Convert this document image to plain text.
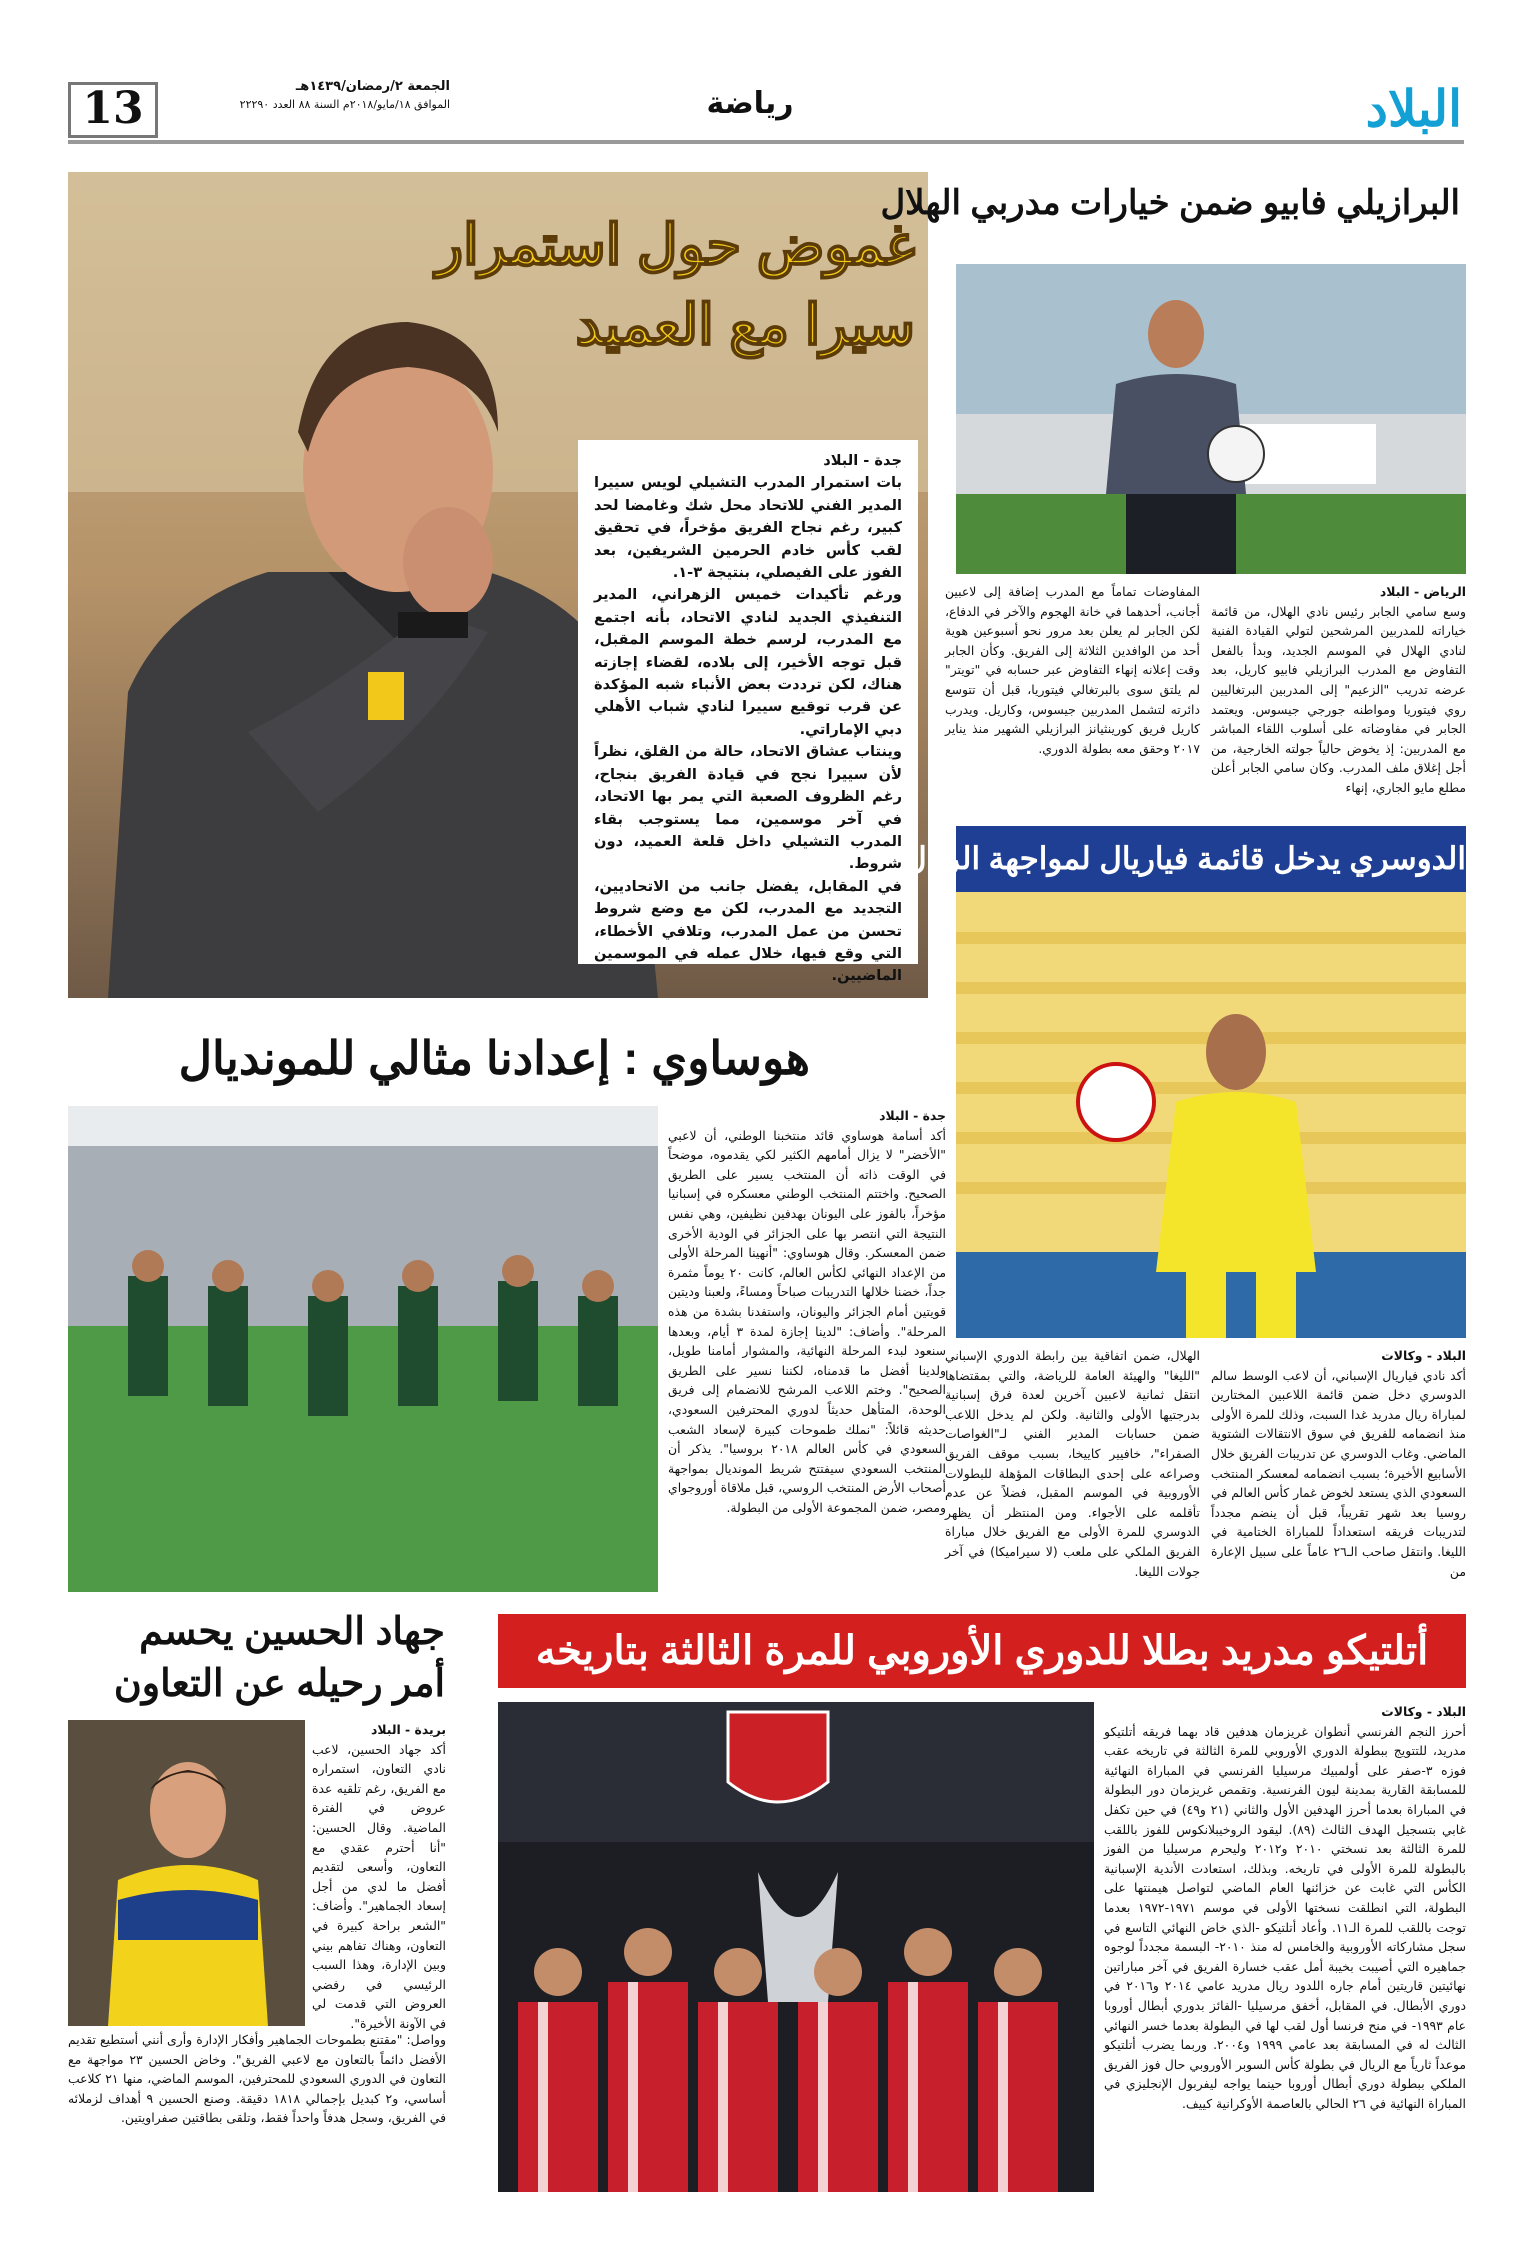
البلاد
رياضة
الجمعة ٢/رمضان/١٤٣٩هـ
الموافق ١٨/مايو/٢٠١٨م السنة ٨٨ العدد ٢٢٢٩٠
13
غموض حول استمرار
سيرا مع العميد
جدة - البلاد

بات استمرار المدرب التشيلي لويس سييرا المدير الفني للاتحاد محل شك وغامضا لحد كبير، رغم نجاح الفريق مؤخراً، في تحقيق لقب كأس خادم الحرمين الشريفين، بعد الفوز على الفيصلي، بنتيجة ٣-١.

ورغم تأكيدات خميس الزهراني، المدير التنفيذي الجديد لنادي الاتحاد، بأنه اجتمع مع المدرب، لرسم خطة الموسم المقبل، قبل توجه الأخير، إلى بلاده، لقضاء إجازته هناك، لكن ترددت بعض الأنباء شبه المؤكدة عن قرب توقيع سييرا لنادي شباب الأهلي دبي الإماراتي.

وينتاب عشاق الاتحاد، حالة من القلق، نظراً لأن سييرا نجح في قيادة الفريق بنجاح، رغم الظروف الصعبة التي يمر بها الاتحاد، في آخر موسمين، مما يستوجب بقاء المدرب التشيلي داخل قلعة العميد، دون شروط.

في المقابل، يفضل جانب من الاتحاديين، التجديد مع المدرب، لكن مع وضع شروط تحسن من عمل المدرب، وتلافي الأخطاء، التي وقع فيها، خلال عمله في الموسمين الماضيين.

البرازيلي فابيو ضمن خيارات مدربي الهلال
الرياض - البلاد
وسع سامي الجابر رئيس نادي الهلال، من قائمة خياراته للمدربين المرشحين لتولي القيادة الفنية لنادي الهلال في الموسم الجديد، وبدأ بالفعل التفاوض مع المدرب البرازيلي فابيو كاريل، بعد عرضه تدريب "الزعيم" إلى المدربين البرتغاليين روي فيتوريا ومواطنه جورجي جيسوس. ويعتمد الجابر في مفاوضاته على أسلوب اللقاء المباشر مع المدربين: إذ يخوض حالياً جولته الخارجية، من أجل إغلاق ملف المدرب. وكان سامي الجابر أعلن مطلع مايو الجاري، إنهاء
المفاوضات تماماً مع المدرب إضافة إلى لاعبين أجانب، أحدهما في خانة الهجوم والآخر في الدفاع، لكن الجابر لم يعلن بعد مرور نحو أسبوعين هوية أحد من الوافدين الثلاثة إلى الفريق. وكأن الجابر وقت إعلانه إنهاء التفاوض عبر حسابه في "تويتر" لم يلتق سوى بالبرتغالي فيتوريا، قبل أن تتوسع دائرته لتشمل المدربين جيسوس، وكاريل. ويدرب كاريل فريق كورينثيانز البرازيلي الشهير منذ يناير ٢٠١٧ وحقق معه بطولة الدوري.
الدوسري يدخل قائمة فياريال لمواجهة الريال
البلاد - وكالات
أكد نادي فياريال الإسباني، أن لاعب الوسط سالم الدوسري دخل ضمن قائمة اللاعبين المختارين لمباراة ريال مدريد غدا السبت، وذلك للمرة الأولى منذ انضمامه للفريق في سوق الانتقالات الشتوية الماضي. وغاب الدوسري عن تدريبات الفريق خلال الأسابيع الأخيرة؛ بسبب انضمامه لمعسكر المنتخب السعودي الذي يستعد لخوض غمار كأس العالم في روسيا بعد شهر تقريباً، قبل أن ينضم مجدداً لتدريبات فريقه استعداداً للمباراة الختامية في الليغا. وانتقل صاحب الـ٢٦ عاماً على سبيل الإعارة من
الهلال، ضمن اتفاقية بين رابطة الدوري الإسباني "الليغا" والهيئة العامة للرياضة، والتي بمقتضاها انتقل ثمانية لاعبين آخرين لعدة فرق إسبانية بدرجتيها الأولى والثانية. ولكن لم يدخل اللاعب ضمن حسابات المدير الفني لـ"الغواصات الصفراء"، خافيير كاييخا، بسبب موقف الفريق وصراعه على إحدى البطاقات المؤهلة للبطولات الأوروبية في الموسم المقبل، فضلاً عن عدم تأقلمه على الأجواء. ومن المنتظر أن يظهر الدوسري للمرة الأولى مع الفريق خلال مباراة الفريق الملكي على ملعب (لا سيراميكا) في آخر جولات الليغا.
هوساوي : إعدادنا مثالي للمونديال
جدة - البلاد
أكد أسامة هوساوي قائد منتخبنا الوطني، أن لاعبي "الأخضر" لا يزال أمامهم الكثير لكي يقدموه، موضحاً في الوقت ذاته أن المنتخب يسير على الطريق الصحيح. واختتم المنتخب الوطني معسكره في إسبانيا مؤخراً، بالفوز على اليونان بهدفين نظيفين، وهي نفس النتيجة التي انتصر بها على الجزائر في الودية الأخرى ضمن المعسكر. وقال هوساوي: "أنهينا المرحلة الأولى من الإعداد النهائي لكأس العالم، كانت ٢٠ يوماً مثمرة جداً، خضنا خلالها التدريبات صباحاً ومساءً، ولعبنا وديتين قويتين أمام الجزائر واليونان، واستفدنا بشدة من هذه المرحلة". وأضاف: "لدينا إجازة لمدة ٣ أيام، وبعدها سنعود لبدء المرحلة النهائية، والمشوار أمامنا طويل، ولدينا أفضل ما قدمناه، لكننا نسير على الطريق الصحيح". وختم اللاعب المرشح للانضمام إلى فريق الوحدة، المتأهل حديثاً لدوري المحترفين السعودي، حديثه قائلاً: "نملك طموحات كبيرة لإسعاد الشعب السعودي في كأس العالم ٢٠١٨ بروسيا". يذكر أن المنتخب السعودي سيفتتح شريط المونديال بمواجهة أصحاب الأرض المنتخب الروسي، قبل ملاقاة أوروجواي ومصر، ضمن المجموعة الأولى من البطولة.
جهاد الحسين يحسم
أمر رحيله عن التعاون
بريدة - البلاد
أكد جهاد الحسين، لاعب نادي التعاون، استمراره مع الفريق، رغم تلقيه عدة عروض في الفترة الماضية. وقال الحسين: "أنا أحترم عقدي مع التعاون، وأسعى لتقديم أفضل ما لدي من أجل إسعاد الجماهير". وأضاف: "الشعر براحة كبيرة في التعاون، وهناك تفاهم بيني وبين الإدارة، وهذا السبب الرئيسي في رفضي العروض التي قدمت لي في الآونة الأخيرة".
وواصل: "مقتنع بطموحات الجماهير وأفكار الإدارة وأرى أنني أستطيع تقديم الأفضل دائماً بالتعاون مع لاعبي الفريق". وخاض الحسين ٢٣ مواجهة مع التعاون في الدوري السعودي للمحترفين، الموسم الماضي، منها ٢١ كلاعب أساسي، و٢ كبديل بإجمالي ١٨١٨ دقيقة. وصنع الحسين ٩ أهداف لزملائه في الفريق، وسجل هدفاً واحداً فقط، وتلقى بطاقتين صفراويتين.
أتلتيكو مدريد بطلا للدوري الأوروبي للمرة الثالثة بتاريخه
البلاد - وكالات
أحرز النجم الفرنسي أنطوان غريزمان هدفين قاد بهما فريقه أتلتيكو مدريد، للتتويج ببطولة الدوري الأوروبي للمرة الثالثة في تاريخه عقب فوزه ٣-صفر على أولمبيك مرسيليا الفرنسي في المباراة النهائية للمسابقة القارية بمدينة ليون الفرنسية. وتقمص غريزمان دور البطولة في المباراة بعدما أحرز الهدفين الأول والثاني (٢١ و٤٩) في حين تكفل غابي بتسجيل الهدف الثالث (٨٩). ليقود الروخيبلانكوس للفوز باللقب للمرة الثالثة بعد نسختي ٢٠١٠ و٢٠١٢ وليحرم مرسيليا من الفوز بالبطولة للمرة الأولى في تاريخه. وبذلك، استعادت الأندية الإسبانية الكأس التي غابت عن خزائنها العام الماضي لتواصل هيمنتها على البطولة، التي انطلقت نسختها الأولى في موسم ١٩٧١-١٩٧٢ بعدما توجت باللقب للمرة الـ١١. وأعاد أتلتيكو -الذي خاض النهائي التاسع في سجل مشاركاته الأوروبية والخامس له منذ ٢٠١٠- البسمة مجدداً لوجوه جماهيره التي أصيبت بخيبة أمل عقب خسارة الفريق في آخر مباراتين نهائيتين قاريتين أمام جاره اللدود ريال مدريد عامي ٢٠١٤ و٢٠١٦ في دوري الأبطال. في المقابل، أخفق مرسيليا -الفائز بدوري أبطال أوروبا عام ١٩٩٣- في منح فرنسا أول لقب لها في البطولة بعدما خسر النهائي الثالث له في المسابقة بعد عامي ١٩٩٩ و٢٠٠٤. وربما يضرب أتلتيكو موعداً ثارياً مع الريال في بطولة كأس السوبر الأوروبي حال فوز الفريق الملكي ببطولة دوري أبطال أوروبا حينما يواجه ليفربول الإنجليزي في المباراة النهائية في ٢٦ الحالي بالعاصمة الأوكرانية كييف.
